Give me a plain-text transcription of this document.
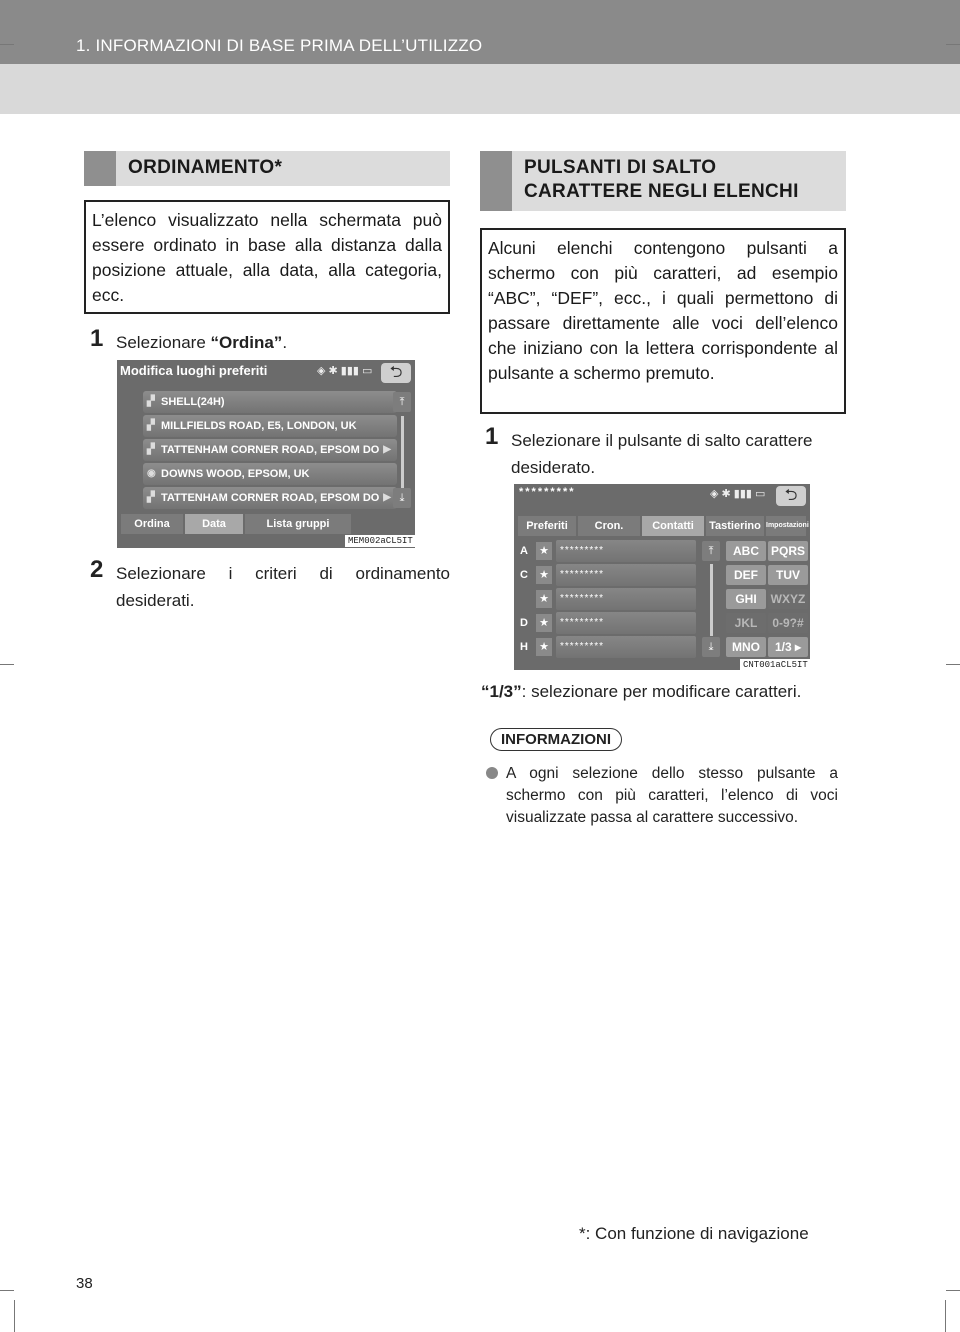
1. INFORMAZIONI DI BASE PRIMA DELL’UTILIZZO
ORDINAMENTO*
L’elenco visualizzato nella schermata può essere ordinato in base alla distanza dalla posizione attuale, alla data, alla categoria, ecc.
1 Selezionare “Ordina”.
Modifica luoghi preferiti	◈ ✱ ▮▮▮ ▭	⮌
▞ SHELL(24H)
▞ MILLFIELDS ROAD, E5, LONDON, UK
▞ TATTENHAM CORNER ROAD, EPSOM DO ▶
◉ DOWNS WOOD, EPSOM, UK
▞ TATTENHAM CORNER ROAD, EPSOM DO ▶
⤒
⤓
Ordina	Data	Lista gruppi
MEM002aCL5IT
2 Selezionare i criteri di ordinamento desiderati.
PULSANTI DI SALTO
CARATTERE NEGLI ELENCHI
Alcuni elenchi contengono pulsanti a schermo con più caratteri, ad esempio “ABC”, “DEF”, ecc., i quali permettono di passare direttamente alle voci dell’elenco che iniziano con la lettera corrispondente al pulsante a schermo premuto.
1 Selezionare il pulsante di salto carattere desiderato.
*********	◈ ✱ ▮▮▮ ▭	⮌
Preferiti	Cron.	Contatti	Tastierino Impostazioni
A	★	*********
C	★	*********
★	*********
D	★	*********
H	★	*********
⤒
⤓
ABC PQRS
DEF	TUV
GHI	WXYZ
JKL	0-9?#
MNO	1/3 ▸
CNT001aCL5IT
“1/3”: selezionare per modificare caratteri.
INFORMAZIONI
A ogni selezione dello stesso pulsante a schermo con più caratteri, l’elenco di voci visualizzate passa al carattere successivo.
*: Con funzione di navigazione
38
